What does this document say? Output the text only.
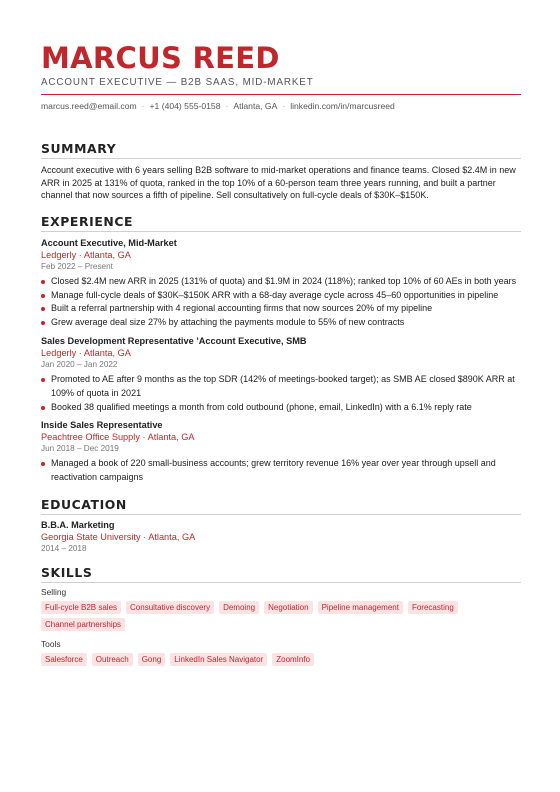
MARCUS REED
ACCOUNT EXECUTIVE — B2B SAAS, MID-MARKET
marcus.reed@email.com · +1 (404) 555-0158 · Atlanta, GA · linkedin.com/in/marcusreed
SUMMARY
Account executive with 6 years selling B2B software to mid-market operations and finance teams. Closed $2.4M in new ARR in 2025 at 131% of quota, ranked in the top 10% of a 60-person team three years running, and built a partner channel that now sources a fifth of pipeline. Sell consultatively on full-cycle deals of $30K–$150K.
EXPERIENCE
Account Executive, Mid-Market
Ledgerly · Atlanta, GA
Feb 2022 – Present
Closed $2.4M new ARR in 2025 (131% of quota) and $1.9M in 2024 (118%); ranked top 10% of 60 AEs in both years
Manage full-cycle deals of $30K–$150K ARR with a 68-day average cycle across 45–60 opportunities in pipeline
Built a referral partnership with 4 regional accounting firms that now sources 20% of my pipeline
Grew average deal size 27% by attaching the payments module to 55% of new contracts
Sales Development Representative ’Account Executive, SMB
Ledgerly · Atlanta, GA
Jan 2020 – Jan 2022
Promoted to AE after 9 months as the top SDR (142% of meetings-booked target); as SMB AE closed $890K ARR at 109% of quota in 2021
Booked 38 qualified meetings a month from cold outbound (phone, email, LinkedIn) with a 6.1% reply rate
Inside Sales Representative
Peachtree Office Supply · Atlanta, GA
Jun 2018 – Dec 2019
Managed a book of 220 small-business accounts; grew territory revenue 16% year over year through upsell and reactivation campaigns
EDUCATION
B.B.A. Marketing
Georgia State University · Atlanta, GA
2014 – 2018
SKILLS
Selling
Full-cycle B2B sales	Consultative discovery	Demoing	Negotiation	Pipeline management	Forecasting
Channel partnerships
Tools
Salesforce	Outreach	Gong	LinkedIn Sales Navigator	ZoomInfo
